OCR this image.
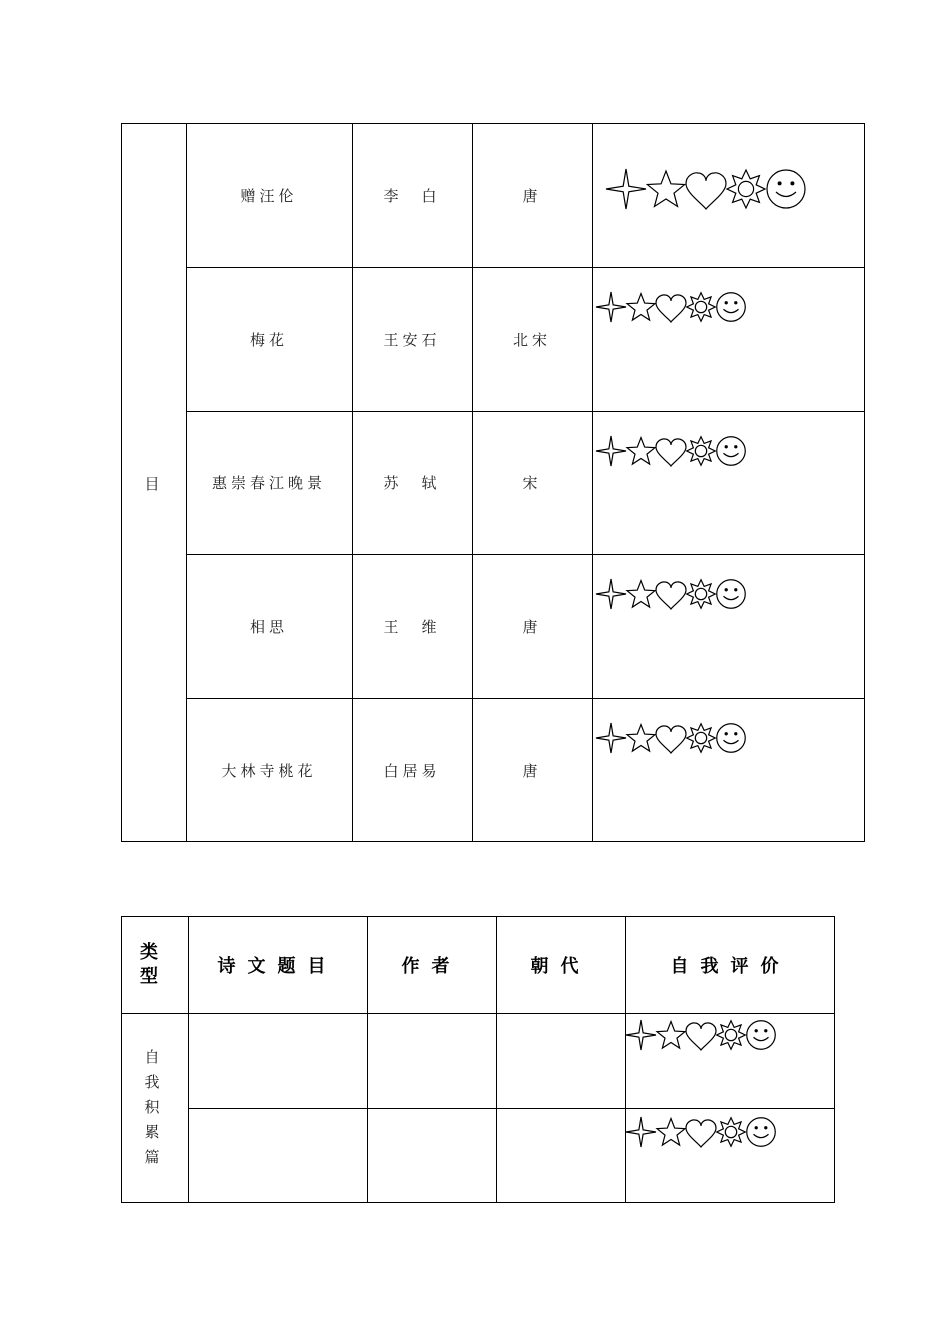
目
赠汪伦	李　白	唐
梅花	王安石	北宋
惠崇春江晚景	苏　轼	宋
相思	王　维	唐
大林寺桃花	白居易	唐
类型	诗文题目	作者	朝代	自我评价
自我积累篇
